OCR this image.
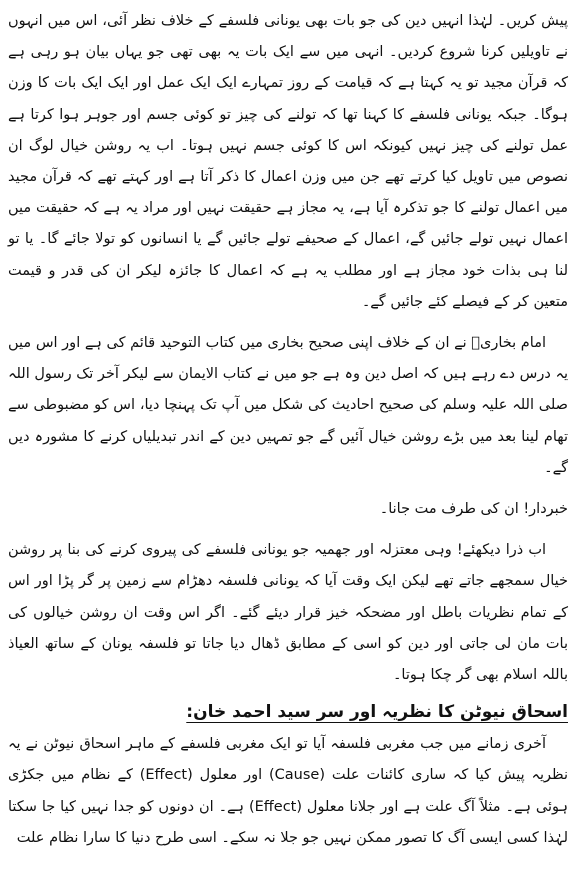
پیش کریں۔ لہٰذا انہیں دین کی جو بات بھی یونانی فلسفے کے خلاف نظر آئی، اس میں انہوں نے تاویلیں کرنا شروع کردیں۔ انہی میں سے ایک بات یہ بھی تھی جو یہاں بیان ہو رہی ہے کہ قرآن مجید تو یہ کہتا ہے کہ قیامت کے روز تمہارے ایک ایک عمل اور ایک ایک بات کا وزن ہوگا۔ جبکہ یونانی فلسفے کا کہنا تھا کہ تولنے کی چیز تو کوئی جسم اور جوہر ہوا کرتا ہے عمل تولنے کی چیز نہیں کیونکہ اس کا کوئی جسم نہیں ہوتا۔ اب یہ روشن خیال لوگ ان نصوص میں تاویل کیا کرتے تھے جن میں وزن اعمال کا ذکر آتا ہے اور کہتے تھے کہ قرآن مجید میں اعمال تولنے کا جو تذکرہ آیا ہے، یہ مجاز ہے حقیقت نہیں اور مراد یہ ہے کہ حقیقت میں اعمال نہیں تولے جائیں گے، اعمال کے صحیفے تولے جائیں گے یا انسانوں کو تولا جائے گا۔ یا تو لنا ہی بذات خود مجاز ہے اور مطلب یہ ہے کہ اعمال کا جائزہ لیکر ان کی قدر و قیمت متعین کر کے فیصلے کئے جائیں گے۔

امام بخاریؒ نے ان کے خلاف اپنی صحیح بخاری میں کتاب التوحید قائم کی ہے اور اس میں یہ درس دے رہے ہیں کہ اصل دین وہ ہے جو میں نے کتاب الایمان سے لیکر آخر تک رسول اللہ صلی اللہ علیہ وسلم کی صحیح احادیث کی شکل میں آپ تک پہنچا دیا، اس کو مضبوطی سے تھام لینا بعد میں بڑے روشن خیال آئیں گے جو تمہیں دین کے اندر تبدیلیاں کرنے کا مشورہ دیں گے۔

خبردار! ان کی طرف مت جانا۔

اب ذرا دیکھئے! وہی معتزلہ اور جھمیہ جو یونانی فلسفے کی پیروی کرنے کی بنا پر روشن خیال سمجھے جاتے تھے لیکن ایک وقت آیا کہ یونانی فلسفہ دھڑام سے زمین پر گر پڑا اور اس کے تمام نظریات باطل اور مضحکہ خیز قرار دیئے گئے۔ اگر اس وقت ان روشن خیالوں کی بات مان لی جاتی اور دین کو اسی کے مطابق ڈھال دیا جاتا تو فلسفہ یونان کے ساتھ العیاذ باللہ اسلام بھی گر چکا ہوتا۔

اسحاق نیوٹن کا نظریہ اور سر سید احمد خان:

آخری زمانے میں جب مغربی فلسفہ آیا تو ایک مغربی فلسفے کے ماہر اسحاق نیوٹن نے یہ نظریہ پیش کیا کہ ساری کائنات علت (Cause) اور معلول (Effect) کے نظام میں جکڑی ہوئی ہے۔ مثلاً آگ علت ہے اور جلانا معلول (Effect) ہے۔ ان دونوں کو جدا نہیں کیا جا سکتا لہٰذا کسی ایسی آگ کا تصور ممکن نہیں جو جلا نہ سکے۔ اسی طرح دنیا کا سارا نظام علت
